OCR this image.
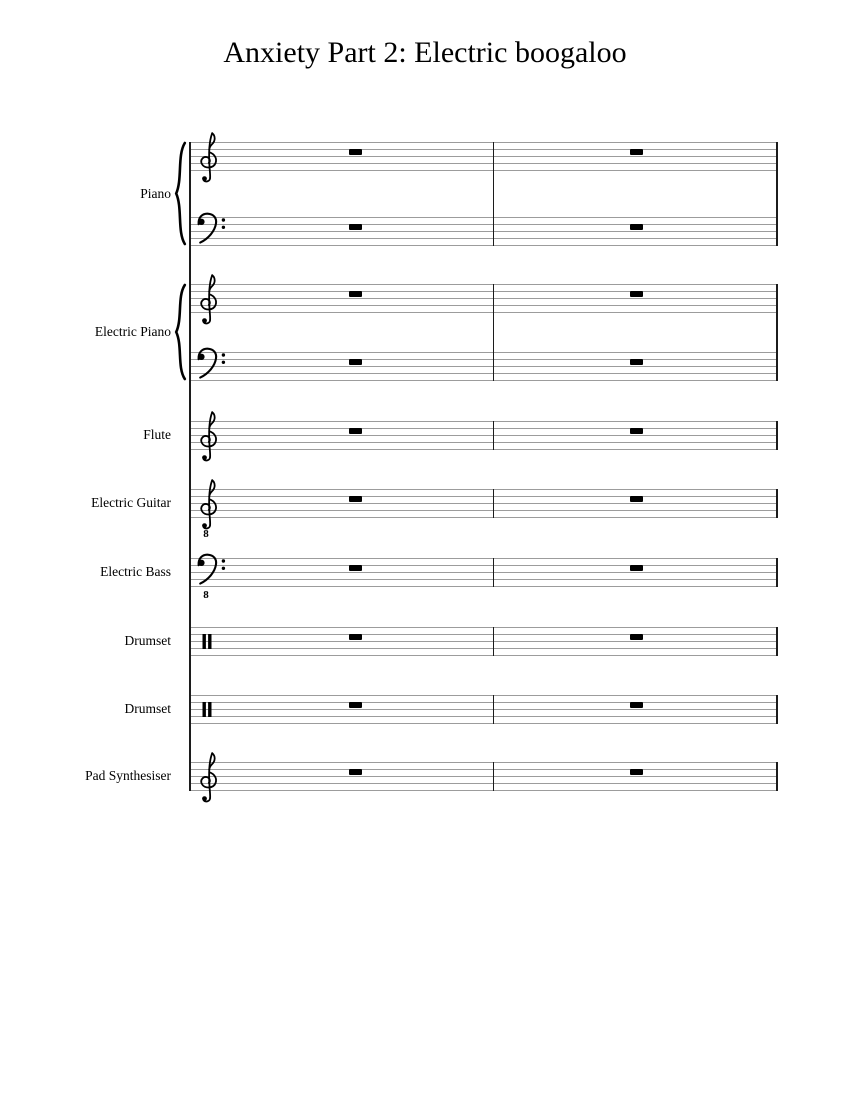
Anxiety Part 2: Electric boogaloo
Piano
Electric Piano
Flute
Electric Guitar
8
Electric Bass
8
Drumset
Drumset
Pad Synthesiser
